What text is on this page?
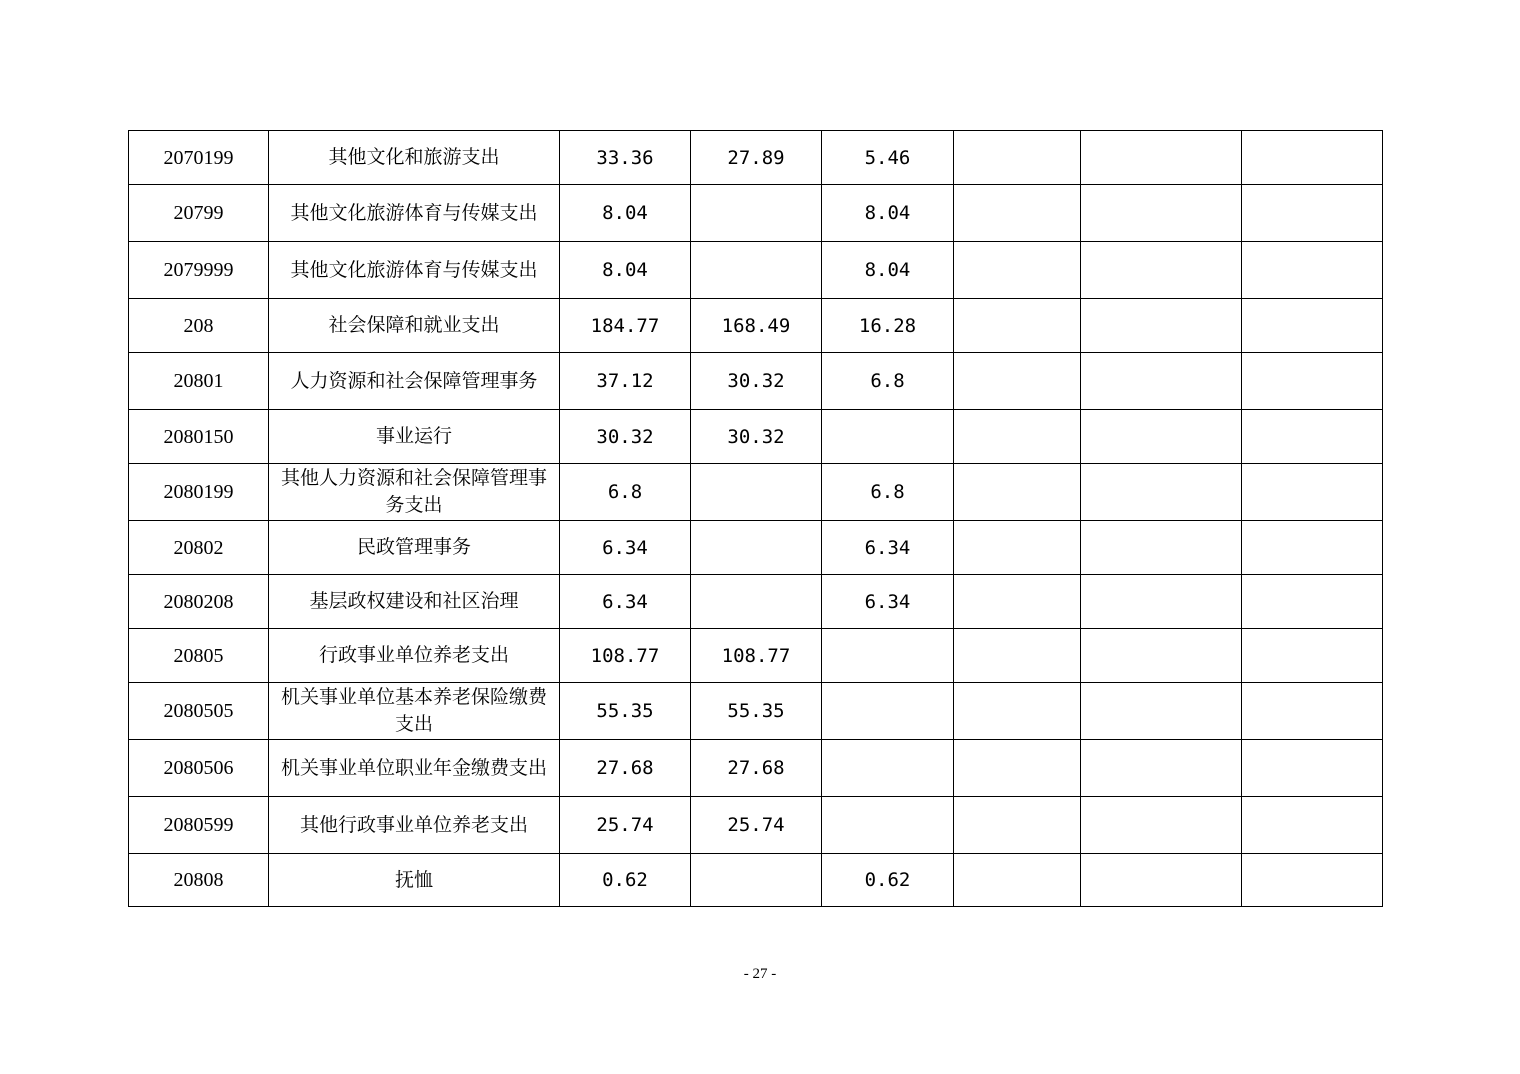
2070199	其他文化和旅游支出	33.36	27.89	5.46			
20799	其他文化旅游体育与传媒支出	8.04		8.04			
2079999	其他文化旅游体育与传媒支出	8.04		8.04			
208	社会保障和就业支出	184.77	168.49	16.28			
20801	人力资源和社会保障管理事务	37.12	30.32	6.8			
2080150	事业运行	30.32	30.32				
2080199	其他人力资源和社会保障管理事务支出	6.8		6.8			
20802	民政管理事务	6.34		6.34			
2080208	基层政权建设和社区治理	6.34		6.34			
20805	行政事业单位养老支出	108.77	108.77				
2080505	机关事业单位基本养老保险缴费支出	55.35	55.35				
2080506	机关事业单位职业年金缴费支出	27.68	27.68				
2080599	其他行政事业单位养老支出	25.74	25.74				
20808	抚恤	0.62		0.62			
- 27 -
